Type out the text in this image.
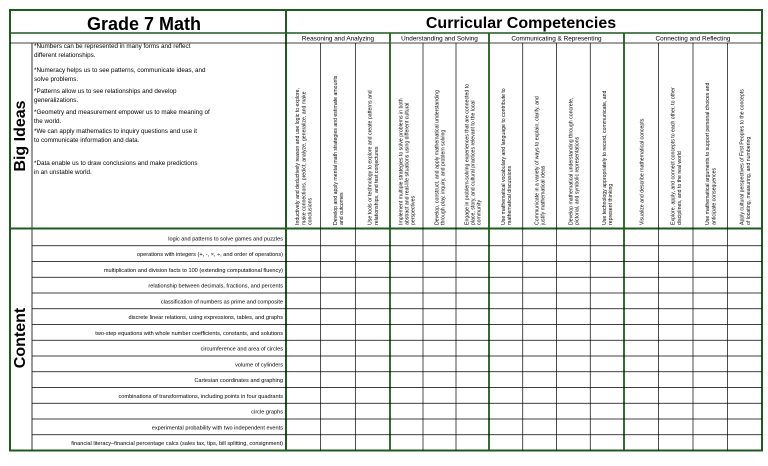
Grade 7 Math	Curricular Competencies
Big Ideas
Content
*Numbers can be represented in many forms and reflect different relationships.
*Numeracy helps us to see patterns, communicate ideas, and solve problems.
*Patterns allow us to see relationships and develop generalizations.
*Geometry and measurement empower us to make meaning of the world.
*We can apply mathematics to inquiry questions and use it to communicate information and data.
*Data enable us to draw conclusions and make predictions in an unstable world.
Reasoning and Analyzing	Understanding and Solving	Communicating & Representing	Connecting and Reflecting
Inductively and deductively reason and use logic to explore,make connections, predict, analyze, generalize, and makeconclusions	Develop and apply mental math strategies and estimate amountsand outcomes	Use tools or technology to explore and create patterns andrelationships, and test conjectures	Implement multiple strategies to solve problems in bothabstract and real-life situations using different culturalperspectives	Develop, construct, and apply mathematical understandingthrough play, inquiry, and problem solving	Engage in problem-solving experiences that are connected toplace, story, and cultural practices relevant to the localcommunity	Use mathematical vocabulary and language to contribute tomathematical discussions	Communicate in a variety of ways to explain, clarify, andjustify mathematical ideas	Develop mathematical understanding through concrete,pictorial, and symbolic representations	Use technology appropriately to record, communicate, andrepresent thinking	Visualize and describe mathematical concepts	Explore, apply, and connect concepts to each other, to otherdisciplines, and to the real world	Use mathematical arguments to support personal choices andanticipate consequences	Apply cultural perspectives of First Peoples to the conceptsof locating, measuring, and numbering
logic and patterns to solve games and puzzles
operations with integers (+, -, ×, ÷, and order of operations)
multiplication and division facts to 100 (extending computational fluency)
relationship between decimals, fractions, and percents
classification of numbers as prime and composite
discrete linear relations, using expressions, tables, and graphs
two-step equations with whole number coefficients, constants, and solutions
circumference and area of circles
volume of cylinders
Cartesian coordinates and graphing
combinations of transformations, including points in four quadrants
circle graphs
experimental probability with two independent events
financial literacy–financial percentage calcs (sales tax, tips, bill splitting, consignment)
